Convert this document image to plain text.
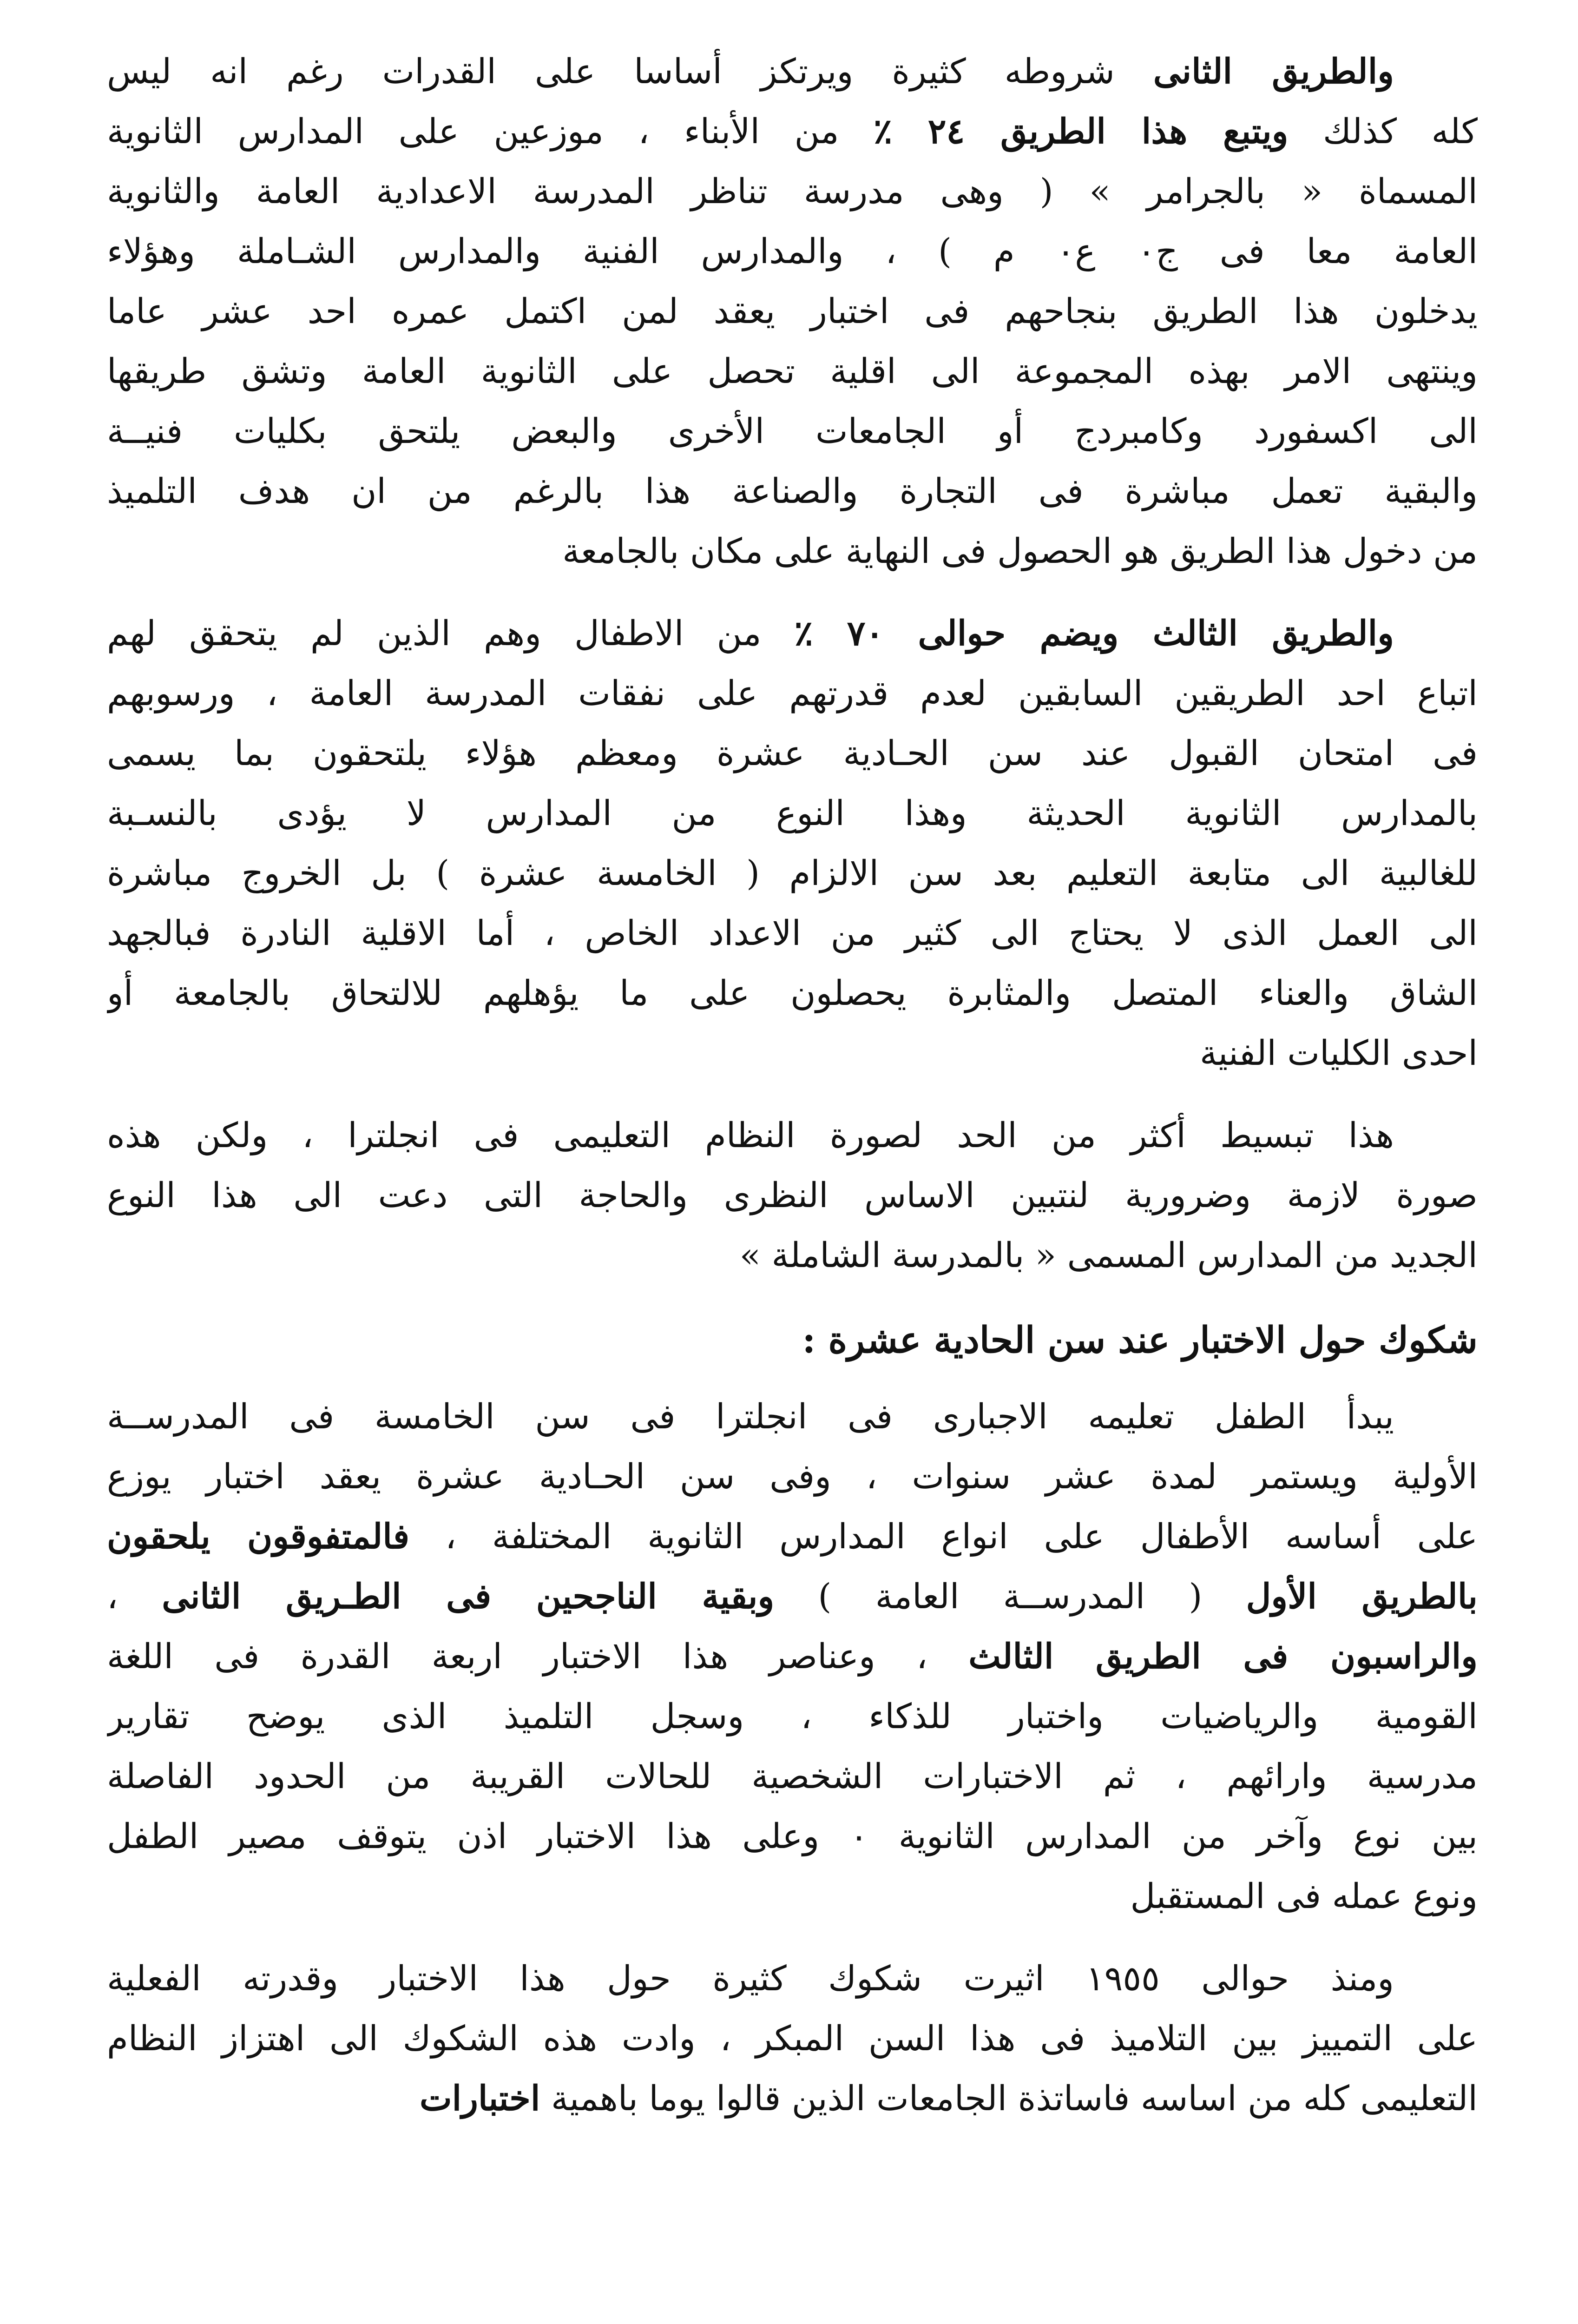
والطريق الثانى شروطه كثيرة ويرتكز أساسا على القدرات رغم انه ليس
كله كذلك ويتبع هذا الطريق ٢٤ ٪ من الأبناء ، موزعين على المدارس الثانوية
المسماة « بالجرامر » ( وهى مدرسة تناظر المدرسة الاعدادية العامة والثانوية
العامة معا فى ج٠ ع٠ م ) ، والمدارس الفنية والمدارس الشـاملة وهؤلاء
يدخلون هذا الطريق بنجاحهم فى اختبار يعقد لمن اكتمل عمره احد عشر عاما
وينتهى الامر بهذه المجموعة الى اقلية تحصل على الثانوية العامة وتشق طريقها
الى اكسفورد وكامبردج أو الجامعات الأخرى والبعض يلتحق بكليات فنيــة
والبقية تعمل مباشرة فى التجارة والصناعة هذا بالرغم من ان هدف التلميذ
من دخول هذا الطريق هو الحصول فى النهاية على مكان بالجامعة
والطريق الثالث ويضم حوالى ٧٠ ٪ من الاطفال وهم الذين لم يتحقق لهم
اتباع احد الطريقين السابقين لعدم قدرتهم على نفقات المدرسة العامة ، ورسوبهم
فى امتحان القبول عند سن الحـادية عشرة ومعظم هؤلاء يلتحقون بما يسمى
بالمدارس الثانوية الحديثة وهذا النوع من المدارس لا يؤدى بالنسـبة
للغالبية الى متابعة التعليم بعد سن الالزام ( الخامسة عشرة ) بل الخروج مباشرة
الى العمل الذى لا يحتاج الى كثير من الاعداد الخاص ، أما الاقلية النادرة فبالجهد
الشاق والعناء المتصل والمثابرة يحصلون على ما يؤهلهم للالتحاق بالجامعة أو
احدى الكليات الفنية
هذا تبسيط أكثر من الحد لصورة النظام التعليمى فى انجلترا ، ولكن هذه
صورة لازمة وضرورية لنتبين الاساس النظرى والحاجة التى دعت الى هذا النوع
الجديد من المدارس المسمى « بالمدرسة الشاملة »
شكوك حول الاختبار عند سن الحادية عشرة :
يبدأ الطفل تعليمه الاجبارى فى انجلترا فى سن الخامسة فى المدرســة
الأولية ويستمر لمدة عشر سنوات ، وفى سن الحـادية عشرة يعقد اختبار يوزع
على أساسه الأطفال على انواع المدارس الثانوية المختلفة ، فالمتفوقون يلحقون
بالطريق الأول ( المدرســة العامة ) وبقية الناجحين فى الطـريق الثانى ،
والراسبون فى الطريق الثالث ، وعناصر هذا الاختبار اربعة القدرة فى اللغة
القومية والرياضيات واختبار للذكاء ، وسجل التلميذ الذى يوضح تقارير
مدرسية وارائهم ، ثم الاختبارات الشخصية للحالات القريبة من الحدود الفاصلة
بين نوع وآخر من المدارس الثانوية ٠ وعلى هذا الاختبار اذن يتوقف مصير الطفل
ونوع عمله فى المستقبل
ومنذ حوالى ١٩٥٥ اثيرت شكوك كثيرة حول هذا الاختبار وقدرته الفعلية
على التمييز بين التلاميذ فى هذا السن المبكر ، وادت هذه الشكوك الى اهتزاز النظام
التعليمى كله من اساسه فاساتذة الجامعات الذين قالوا يوما باهمية اختبارات
